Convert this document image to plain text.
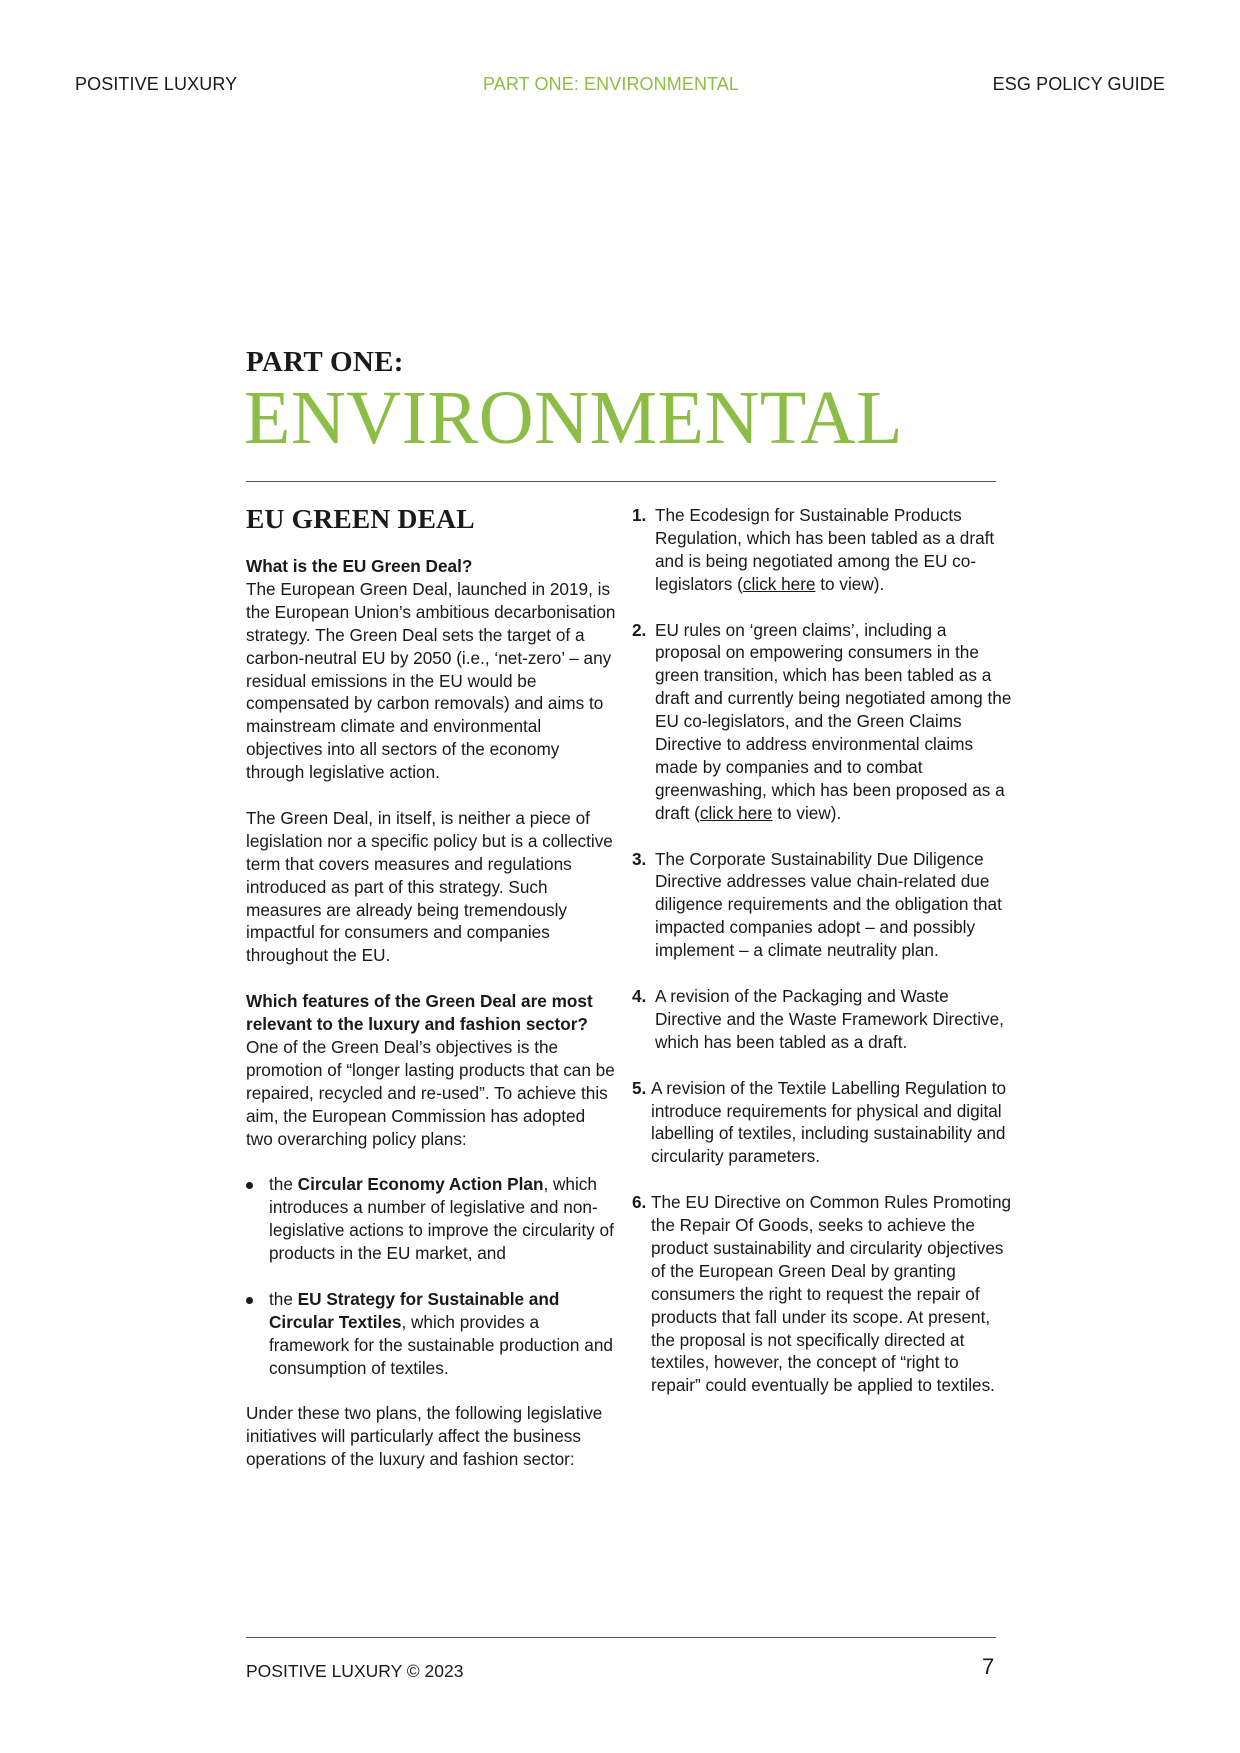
POSITIVE LUXURY	PART ONE: ENVIRONMENTAL	ESG POLICY GUIDE
PART ONE:
ENVIRONMENTAL
EU GREEN DEAL

What is the EU Green Deal?

The European Green Deal, launched in 2019, is the European Union’s ambitious decarbonisation strategy. The Green Deal sets the target of a carbon-neutral EU by 2050 (i.e., ‘net-zero’ – any residual emissions in the EU would be compensated by carbon removals) and aims to mainstream climate and environmental objectives into all sectors of the economy through legislative action.

The Green Deal, in itself, is neither a piece of legislation nor a specific policy but is a collective term that covers measures and regulations introduced as part of this strategy. Such measures are already being tremendously impactful for consumers and companies throughout the EU.

Which features of the Green Deal are most relevant to the luxury and fashion sector?

One of the Green Deal’s objectives is the promotion of “longer lasting products that can be repaired, recycled and re-used”. To achieve this aim, the European Commission has adopted two overarching policy plans:

the Circular Economy Action Plan, which introduces a number of legislative and non-legislative actions to improve the circularity of products in the EU market, and
the EU Strategy for Sustainable and Circular Textiles, which provides a framework for the sustainable production and consumption of textiles.

Under these two plans, the following legislative initiatives will particularly affect the business operations of the luxury and fashion sector:

1. The Ecodesign for Sustainable Products Regulation, which has been tabled as a draft and is being negotiated among the EU co-legislators (click here to view).
2. EU rules on ‘green claims’, including a proposal on empowering consumers in the green transition, which has been tabled as a draft and currently being negotiated among the EU co-legislators, and the Green Claims Directive to address environmental claims made by companies and to combat greenwashing, which has been proposed as a draft (click here to view).
3. The Corporate Sustainability Due Diligence Directive addresses value chain-related due diligence requirements and the obligation that impacted companies adopt – and possibly implement – a climate neutrality plan.
4. A revision of the Packaging and Waste Directive and the Waste Framework Directive, which has been tabled as a draft.
5. A revision of the Textile Labelling Regulation to introduce requirements for physical and digital labelling of textiles, including sustainability and circularity parameters.
6. The EU Directive on Common Rules Promoting the Repair Of Goods, seeks to achieve the product sustainability and circularity objectives of the European Green Deal by granting consumers the right to request the repair of products that fall under its scope. At present, the proposal is not specifically directed at textiles, however, the concept of “right to repair” could eventually be applied to textiles.
POSITIVE LUXURY © 2023	7
